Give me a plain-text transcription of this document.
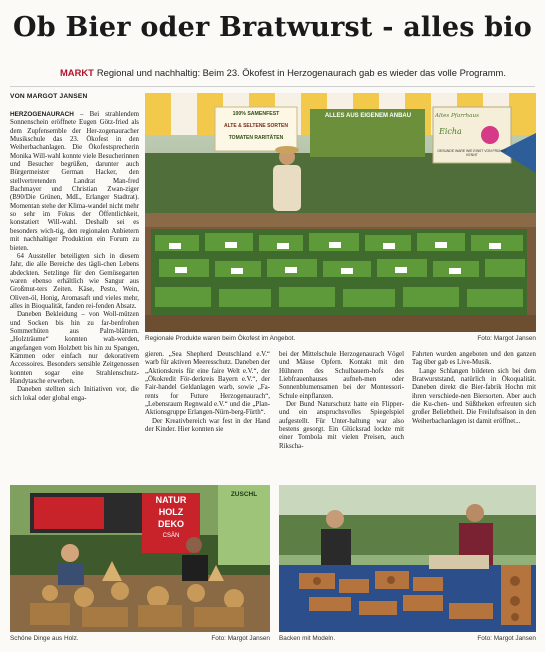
Ob Bier oder Bratwurst - alles bio
MARKT Regional und nachhaltig: Beim 23. Ökofest in Herzogenaurach gab es wieder das volle Programm.
VON MARGOT JANSEN

HERZOGENAURACH – Bei strahlendem Sonnenschein eröffnete Eugen Götz-fried als dem Zupfensemble der Her-zogenauracher Musikschule das 23. Ökofest in den Weiherbachanlagen. Die Ökofestsprecherin Monika Will-wahl konnte viele Besucherinnen und Besucher begrüßen, darunter auch Bürgermeister German Hacker, den stellvertretenden Landrat Man-fred Bachmayer und Christian Zwan-ziger (B90/Die Grünen, MdL, Erlanger Stadtrat). Momentan stehe der Klima-wandel nicht mehr so sehr im Fokus der Öffentlichkeit, konstatiert Will-wahl. Deshalb sei es besonders wich-tig, den regionalen Anbietern mit nachhaltiger Produktion ein Forum zu bieten.

64 Aussteller beteiligten sich in diesem Jahr, die alle Bereiche des tägli-chen Lebens abdeckten. Setzlinge für den Gemüsegarten waren ebenso erhältlich wie Sangur aus Großmut-ters Zeiten. Käse, Pesto, Wein, Oliven-öl, Honig, Aromasaft und vieles mehr, alles in Bioqualität, fanden rei-fenden Absatz.

Daneben Bekleidung – von Woll-mützen und Socken bis hin zu far-benfrohen Sommerhüten aus Palm-blättern. „Holzträume“ konnten wah-werden, angefangen vom Holzbett bis hin zu Spangen, Kämmen oder einfach nur dekorativem Accessoires. Besonders sensible Zeitgenossen konnten sogar eine Strahlenschutz-Handytasche erwerben.

Daneben stellten sich Initiativen vor, die sich lokal oder global enga-

100% SAMENFEST
ALTE & SELTENE SORTEN
TOMATEN RARITÄTEN
ALLES AUS EIGENEM ANBAU	Altes Pfarrhaus
Eicha
GESUNDE WARE WIE EINST VON FRÜHER KENNT
Regionale Produkte waren beim Ökofest im Angebot.	Foto: Margot Jansen

gieren. „Sea Shepherd Deutschland e.V.“ warb für aktiven Meeresschutz. Daneben der „Aktionskreis für eine faire Welt e.V.“, der „Ökokredit För-derkreis Bayern e.V.“, der Fair-handel Geldanlagen warb, sowie „Fa-rents for Future Herzogenaurach“, „Lebensraum Regnwald e.V.“ und die „Plan-Aktionsgruppe Erlangen-Nürn-berg-Fürth“.

Der Kreativbereich war fest in der Hand der Kinder. Hier konnten sie

bei der Mittelschule Herzogenaurach Vögel und Mäuse Opfern. Kontakt mit den Hühnern des Schulbauern-hofs des Liebfrauenhauses aufneh-men oder Sonnenblumensamen bei der Montessori-Schule einpflanzen.

Der Bund Naturschutz hatte ein Flipper- und ein anspruchsvolles Spiegelspiel aufgestellt. Für Unter-haltung war also bestens gesorgt. Ein Glücksrad lockte mit einer Tombola mit vielen Preisen, auch Rikscha-

Fahrten wurden angeboten und den ganzen Tag über gab es Live-Musik.

Lange Schlangen bildeten sich bei dem Bratwurststand, natürlich in Ökoqualität. Daneben direkt die Bier-fabrik Hochn mit ihren verschiede-nen Biersorten. Aber auch die Ku-chen- und Süßtheken erfreuten sich großer Beliebtheit. Die Freiluftsaison in den Weiherbachanlagen ist damit eröffnet...

NATUR
HOLZ
DEKO
CSÄN
ZUSCHL
Schöne Dinge aus Holz.	Foto: Margot Jansen Backen mit Modeln.	Foto: Margot Jansen
